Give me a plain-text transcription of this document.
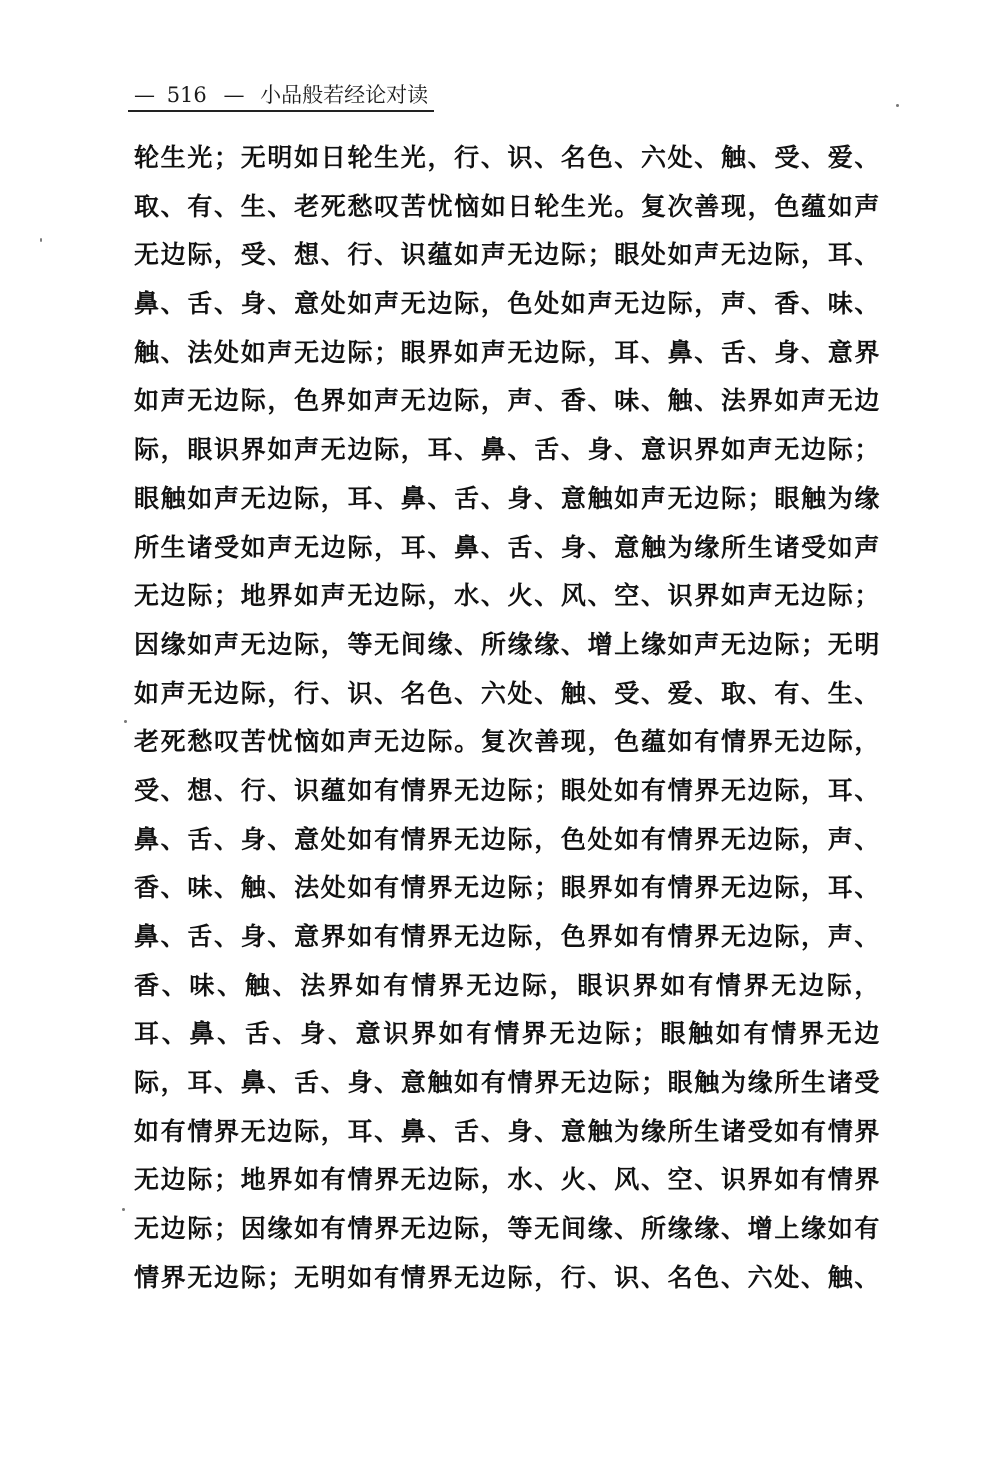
— 516 — 小品般若经论对读
轮生光；无明如日轮生光，行、识、名色、六处、触、受、爱、
取、有、生、老死愁叹苦忧恼如日轮生光。复次善现，色蕴如声
无边际，受、想、行、识蕴如声无边际；眼处如声无边际，耳、
鼻、舌、身、意处如声无边际，色处如声无边际，声、香、味、
触、法处如声无边际；眼界如声无边际，耳、鼻、舌、身、意界
如声无边际，色界如声无边际，声、香、味、触、法界如声无边
际，眼识界如声无边际，耳、鼻、舌、身、意识界如声无边际；
眼触如声无边际，耳、鼻、舌、身、意触如声无边际；眼触为缘
所生诸受如声无边际，耳、鼻、舌、身、意触为缘所生诸受如声
无边际；地界如声无边际，水、火、风、空、识界如声无边际；
因缘如声无边际，等无间缘、所缘缘、增上缘如声无边际；无明
如声无边际，行、识、名色、六处、触、受、爱、取、有、生、
老死愁叹苦忧恼如声无边际。复次善现，色蕴如有情界无边际，
受、想、行、识蕴如有情界无边际；眼处如有情界无边际，耳、
鼻、舌、身、意处如有情界无边际，色处如有情界无边际，声、
香、味、触、法处如有情界无边际；眼界如有情界无边际，耳、
鼻、舌、身、意界如有情界无边际，色界如有情界无边际，声、
香、味、触、法界如有情界无边际，眼识界如有情界无边际，
耳、鼻、舌、身、意识界如有情界无边际；眼触如有情界无边
际，耳、鼻、舌、身、意触如有情界无边际；眼触为缘所生诸受
如有情界无边际，耳、鼻、舌、身、意触为缘所生诸受如有情界
无边际；地界如有情界无边际，水、火、风、空、识界如有情界
无边际；因缘如有情界无边际，等无间缘、所缘缘、增上缘如有
情界无边际；无明如有情界无边际，行、识、名色、六处、触、
